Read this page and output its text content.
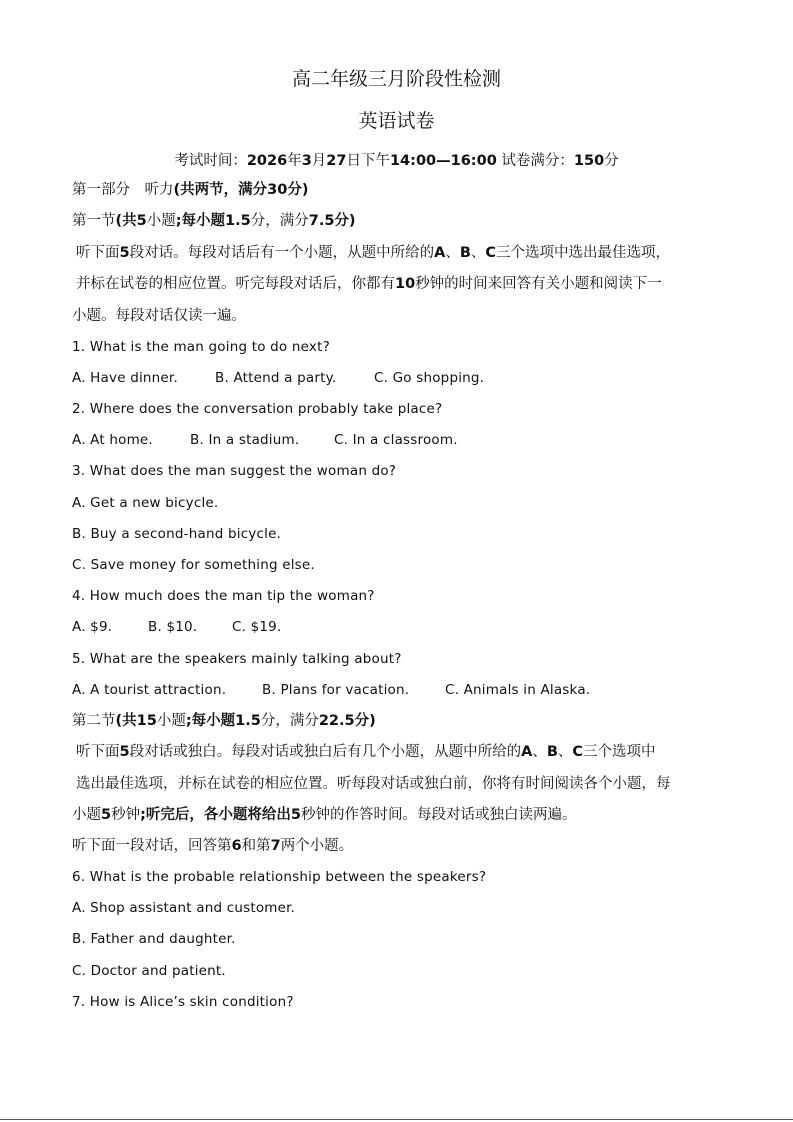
高二年级三月阶段性检测
英语试卷
考试时间：2026年3月27日下午14:00—16:00 试卷满分：150分
第一部分　听力(共两节，满分30分)
第一节(共5小题;每小题1.5分，满分7.5分)
听下面5段对话。每段对话后有一个小题，从题中所给的A、B、C三个选项中选出最佳选项，
并标在试卷的相应位置。听完每段对话后，你都有10秒钟的时间来回答有关小题和阅读下一
小题。每段对话仅读一遍。
1. What is the man going to do next?
A. Have dinner.	B. Attend a party.	C. Go shopping.
2. Where does the conversation probably take place?
A. At home.	B. In a stadium.	C. In a classroom.
3. What does the man suggest the woman do?
A. Get a new bicycle.
B. Buy a second-hand bicycle.
C. Save money for something else.
4. How much does the man tip the woman?
A. $9.	B. $10.	C. $19.
5. What are the speakers mainly talking about?
A. A tourist attraction.	B. Plans for vacation.	C. Animals in Alaska.
第二节(共15小题;每小题1.5分，满分22.5分)
听下面5段对话或独白。每段对话或独白后有几个小题，从题中所给的A、B、C三个选项中
选出最佳选项，并标在试卷的相应位置。听每段对话或独白前，你将有时间阅读各个小题，每
小题5秒钟;听完后，各小题将给出5秒钟的作答时间。每段对话或独白读两遍。
听下面一段对话，回答第6和第7两个小题。
6. What is the probable relationship between the speakers?
A. Shop assistant and customer.
B. Father and daughter.
C. Doctor and patient.
7. How is Alice’s skin condition?
